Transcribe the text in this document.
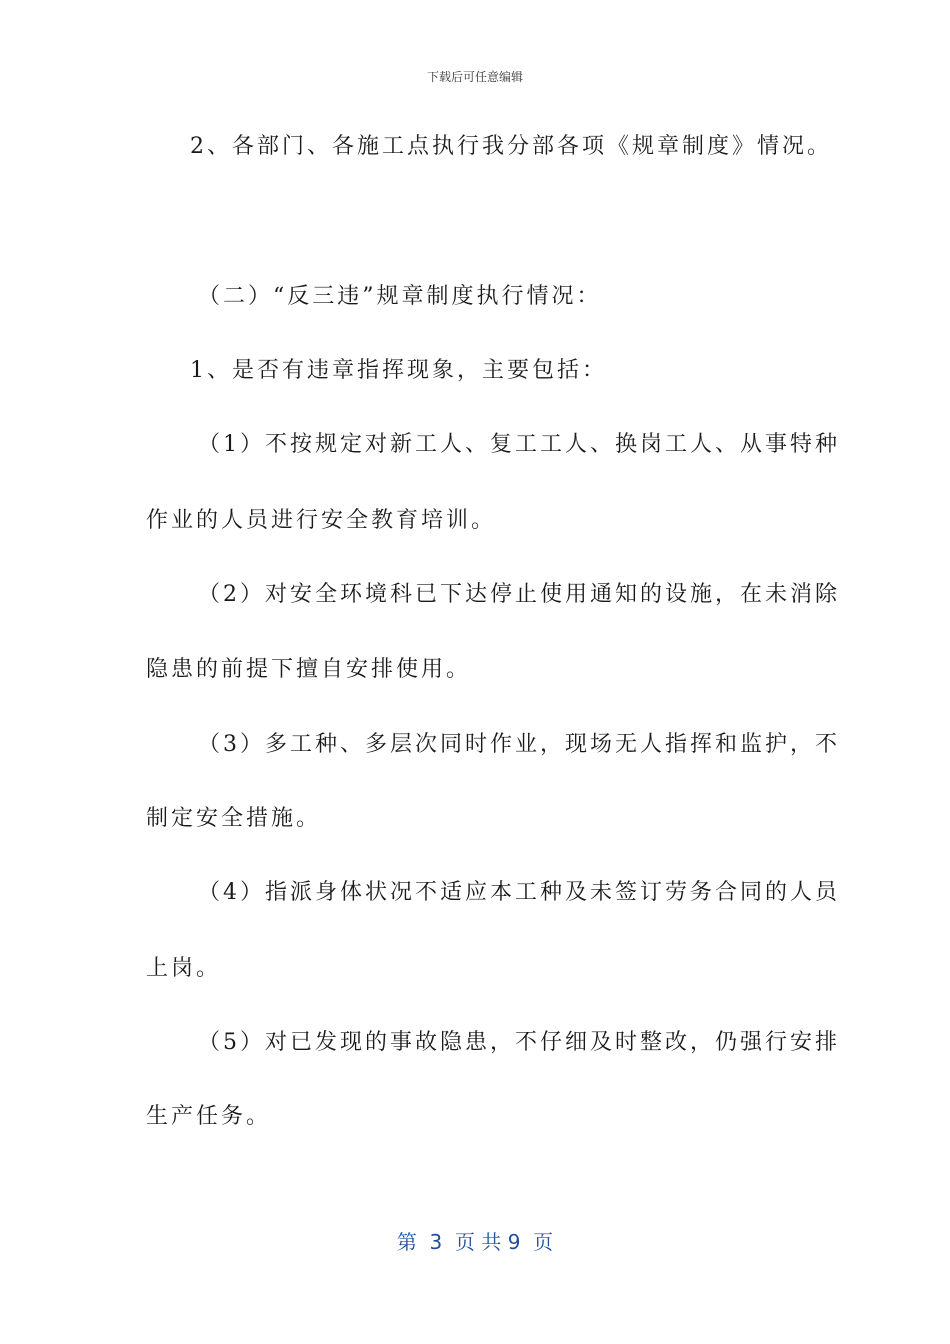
下载后可任意编辑
2、各部门、各施工点执行我分部各项《规章制度》情况。
（二）“反三违”规章制度执行情况：
1、是否有违章指挥现象，主要包括：
（1）不按规定对新工人、复工工人、换岗工人、从事特种
作业的人员进行安全教育培训。
（2）对安全环境科已下达停止使用通知的设施，在未消除
隐患的前提下擅自安排使用。
（3）多工种、多层次同时作业，现场无人指挥和监护，不
制定安全措施。
（4）指派身体状况不适应本工种及未签订劳务合同的人员
上岗。
（5）对已发现的事故隐患，不仔细及时整改，仍强行安排
生产任务。
第  3  页 共 9  页
